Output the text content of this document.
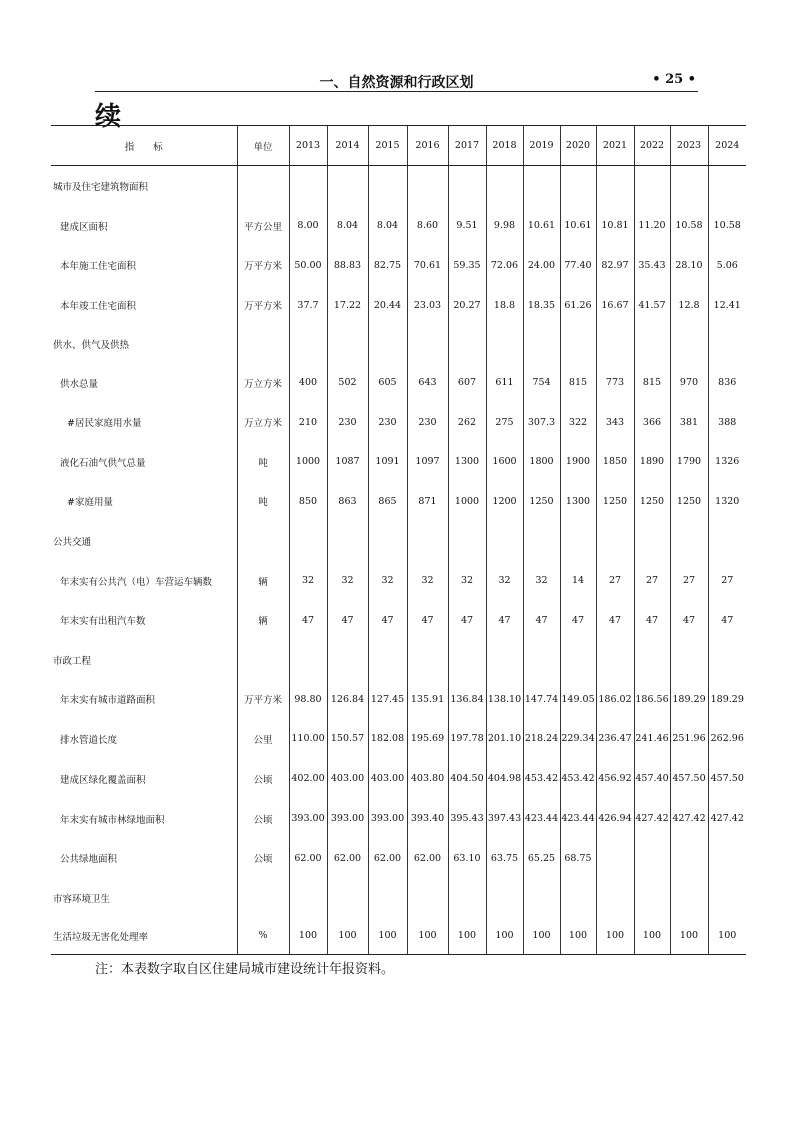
一、自然资源和行政区划	• 25 •
续
指　　标	单位	2013	2014	2015	2016	2017	2018	2019	2020	2021	2022	2023	2024
城市及住宅建筑物面积													
建成区面积	平方公里	8.00	8.04	8.04	8.60	9.51	9.98	10.61	10.61	10.81	11.20	10.58	10.58
本年施工住宅面积	万平方米	50.00	88.83	82.75	70.61	59.35	72.06	24.00	77.40	82.97	35.43	28.10	5.06
本年竣工住宅面积	万平方米	37.7	17.22	20.44	23.03	20.27	18.8	18.35	61.26	16.67	41.57	12.8	12.41
供水、供气及供热													
供水总量	万立方米	400	502	605	643	607	611	754	815	773	815	970	836
#居民家庭用水量	万立方米	210	230	230	230	262	275	307.3	322	343	366	381	388
液化石油气供气总量	吨	1000	1087	1091	1097	1300	1600	1800	1900	1850	1890	1790	1326
#家庭用量	吨	850	863	865	871	1000	1200	1250	1300	1250	1250	1250	1320
公共交通													
年末实有公共汽（电）车营运车辆数	辆	32	32	32	32	32	32	32	14	27	27	27	27
年末实有出租汽车数	辆	47	47	47	47	47	47	47	47	47	47	47	47
市政工程													
年末实有城市道路面积	万平方米	98.80	126.84	127.45	135.91	136.84	138.10	147.74	149.05	186.02	186.56	189.29	189.29
排水管道长度	公里	110.00	150.57	182.08	195.69	197.78	201.10	218.24	229.34	236.47	241.46	251.96	262.96
建成区绿化覆盖面积	公顷	402.00	403.00	403.00	403.80	404.50	404.98	453.42	453.42	456.92	457.40	457.50	457.50
年末实有城市林绿地面积	公顷	393.00	393.00	393.00	393.40	395.43	397.43	423.44	423.44	426.94	427.42	427.42	427.42
公共绿地面积	公顷	62.00	62.00	62.00	62.00	63.10	63.75	65.25	68.75				
市容环境卫生													
生活垃圾无害化处理率	%	100	100	100	100	100	100	100	100	100	100	100	100
注：本表数字取自区住建局城市建设统计年报资料。
